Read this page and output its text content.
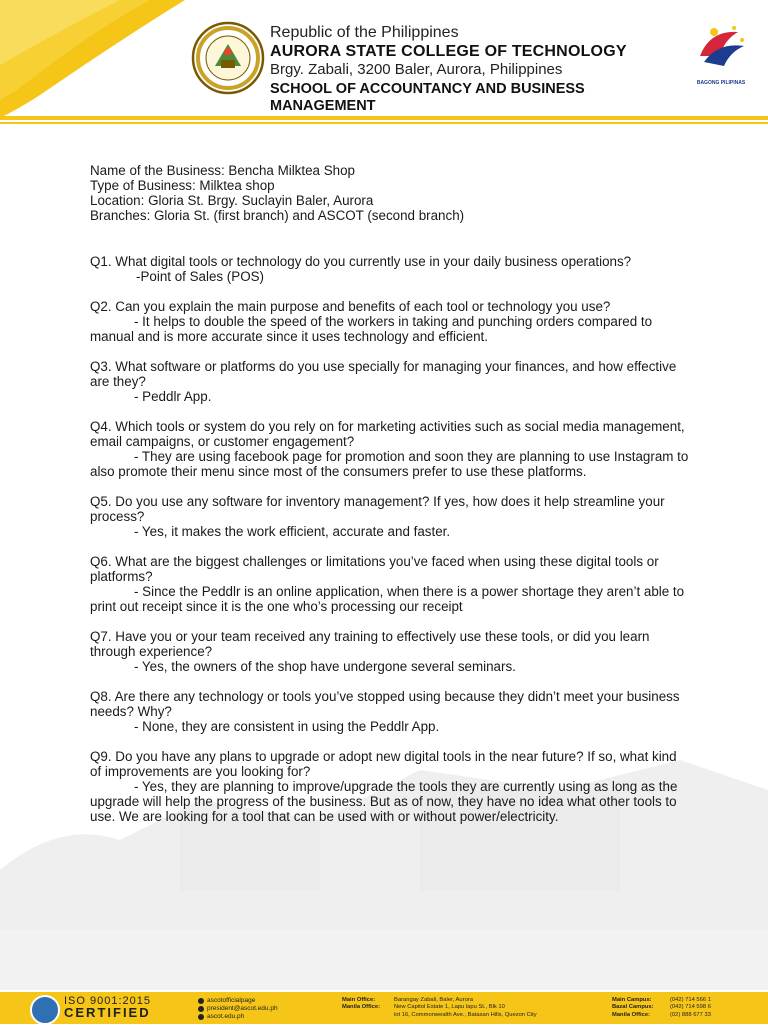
Republic of the Philippines
AURORA STATE COLLEGE OF TECHNOLOGY
Brgy. Zabali, 3200 Baler, Aurora, Philippines
SCHOOL OF ACCOUNTANCY AND BUSINESS MANAGEMENT
BAGONG PILIPINAS

Name of the Business: Bencha Milktea Shop

Type of Business: Milktea shop

Location: Gloria St. Brgy. Suclayin Baler, Aurora

Branches: Gloria St. (first branch) and ASCOT (second branch)

Q1. What digital tools or technology do you currently use in your daily business operations?

-Point of Sales (POS)

Q2. Can you explain the main purpose and benefits of each tool or technology you use?

- It helps to double the speed of the workers in taking and punching orders compared to manual and is more accurate since it uses technology and efficient.

Q3. What software or platforms do you use specially for managing your finances, and how effective are they?

- Peddlr App.

Q4. Which tools or system do you rely on for marketing activities such as social media management, email campaigns, or customer engagement?

- They are using facebook page for promotion and soon they are planning to use Instagram to also promote their menu since most of the consumers prefer to use these platforms.

Q5. Do you use any software for inventory management? If yes, how does it help streamline your process?

- Yes, it makes the work efficient, accurate and faster.

Q6. What are the biggest challenges or limitations you’ve faced when using these digital tools or platforms?

- Since the Peddlr is an online application, when there is a power shortage they aren’t able to print out receipt since it is the one who’s processing our receipt

Q7. Have you or your team received any training to effectively use these tools, or did you learn through experience?

- Yes, the owners of the shop have undergone several seminars.

Q8. Are there any technology or tools you’ve stopped using because they didn’t meet your business needs? Why?

- None, they are consistent in using the Peddlr App.

Q9. Do you have any plans to upgrade or adopt new digital tools in the near future? If so, what kind of improvements are you looking for?

- Yes, they are planning to improve/upgrade the tools they are currently using as long as the upgrade will help the progress of the business. But as of now, they have no idea what other tools to use. We are looking for a tool that can be used with or without power/electricity.

ISO 9001:2015
CERTIFIED
ascotofficialpage
president@ascot.edu.ph
ascot.edu.ph
Main Office:	Barangay Zabali, Baler, Aurora
Manila Office:	New Capitol Estate 1, Lapu lapu St., Blk 10
lot 16, Commonwealth Ave., Batasan Hills, Quezon City
Main Campus:	(042) 714 566 1
Bazal Campus:	(042) 714 598 6
Manila Office:	(02) 888 677 33
